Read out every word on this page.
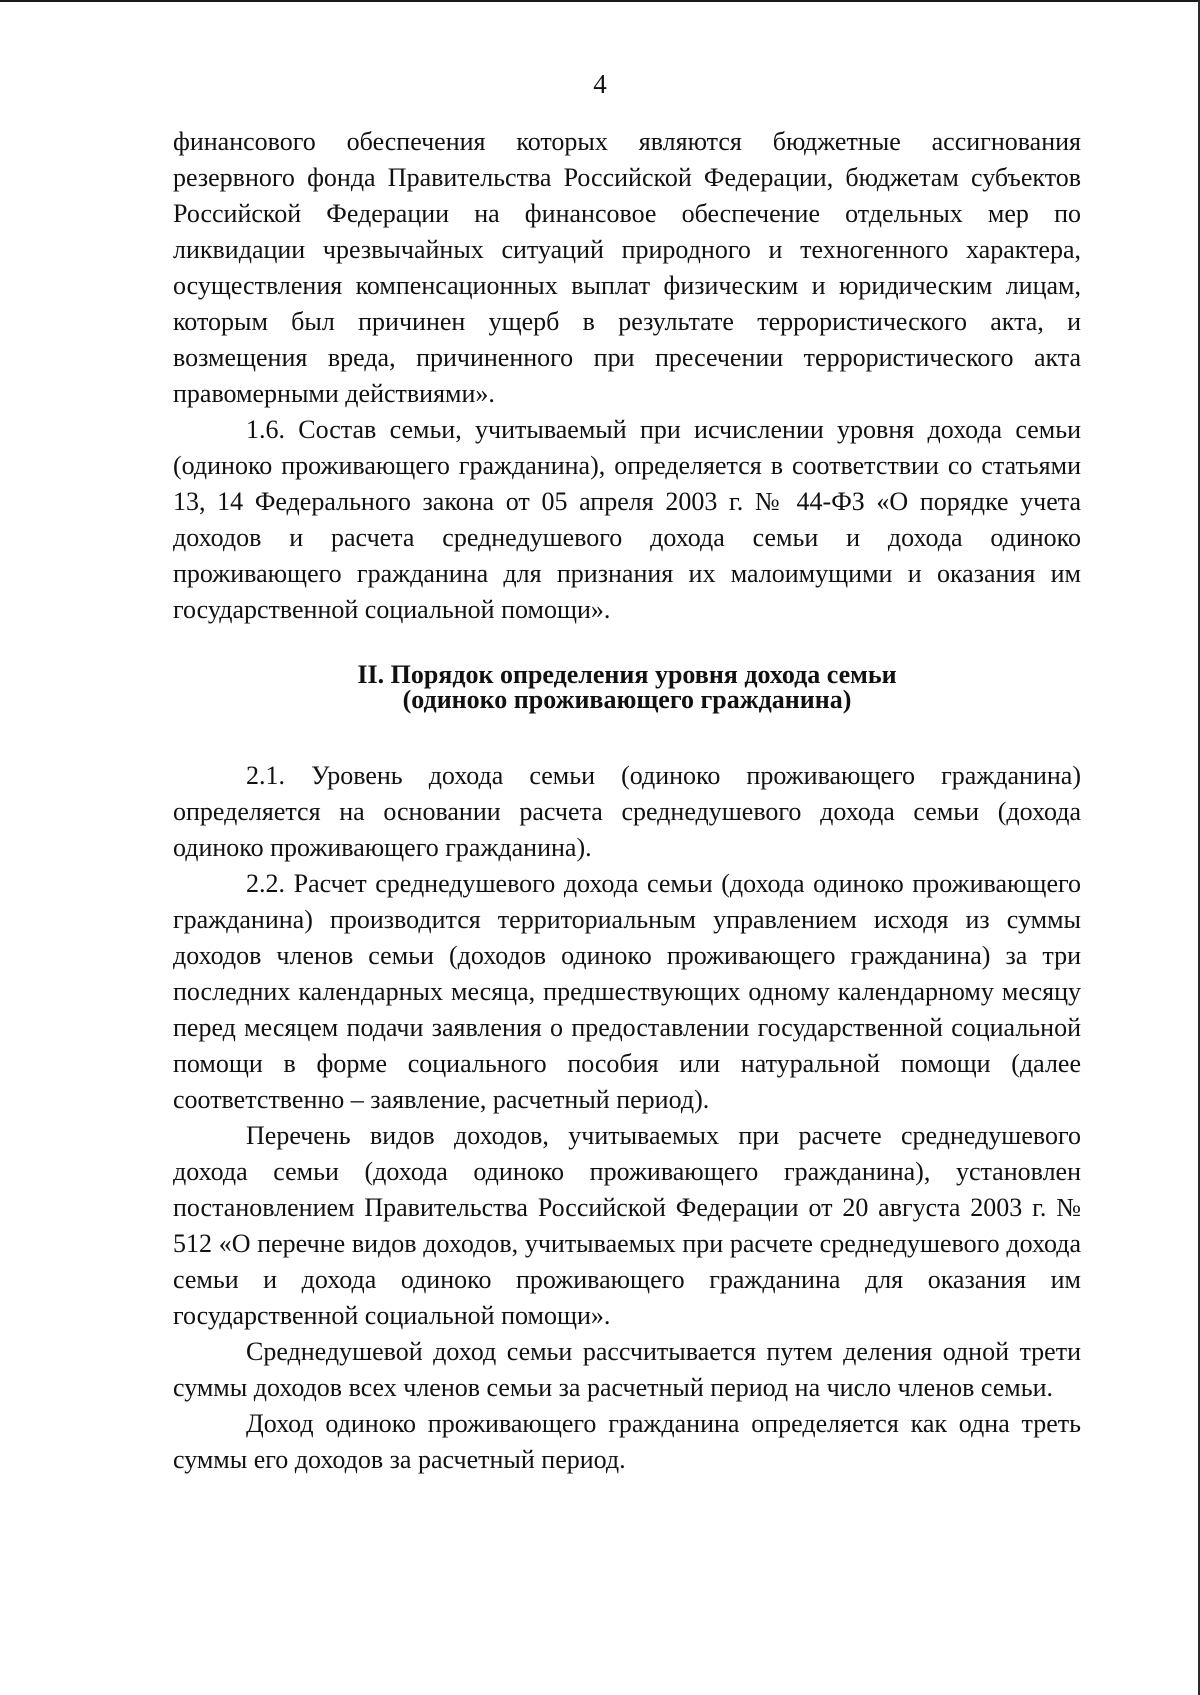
4

финансового обеспечения которых являются бюджетные ассигнования резервного фонда Правительства Российской Федерации, бюджетам субъектов Российской Федерации на финансовое обеспечение отдельных мер по ликвидации чрезвычайных ситуаций природного и техногенного характера, осуществления компенсационных выплат физическим и юридическим лицам, которым был причинен ущерб в результате террористического акта, и возмещения вреда, причиненного при пресечении террористического акта правомерными действиями».

1.6. Состав семьи, учитываемый при исчислении уровня дохода семьи (одиноко проживающего гражданина), определяется в соответствии со статьями 13, 14 Федерального закона от 05 апреля 2003 г. № 44-ФЗ «О порядке учета доходов и расчета среднедушевого дохода семьи и дохода одиноко проживающего гражданина для признания их малоимущими и оказания им государственной социальной помощи».

II. Порядок определения уровня дохода семьи
(одиноко проживающего гражданина)

2.1. Уровень дохода семьи (одиноко проживающего гражданина) определяется на основании расчета среднедушевого дохода семьи (дохода одиноко проживающего гражданина).

2.2. Расчет среднедушевого дохода семьи (дохода одиноко проживающего гражданина) производится территориальным управлением исходя из суммы доходов членов семьи (доходов одиноко проживающего гражданина) за три последних календарных месяца, предшествующих одному календарному месяцу перед месяцем подачи заявления о предоставлении государственной социальной помощи в форме социального пособия или натуральной помощи (далее соответственно – заявление, расчетный период).

Перечень видов доходов, учитываемых при расчете среднедушевого дохода семьи (дохода одиноко проживающего гражданина), установлен постановлением Правительства Российской Федерации от 20 августа 2003 г. № 512 «О перечне видов доходов, учитываемых при расчете среднедушевого дохода семьи и дохода одиноко проживающего гражданина для оказания им государственной социальной помощи».

Среднедушевой доход семьи рассчитывается путем деления одной трети суммы доходов всех членов семьи за расчетный период на число членов семьи.

Доход одиноко проживающего гражданина определяется как одна треть суммы его доходов за расчетный период.
